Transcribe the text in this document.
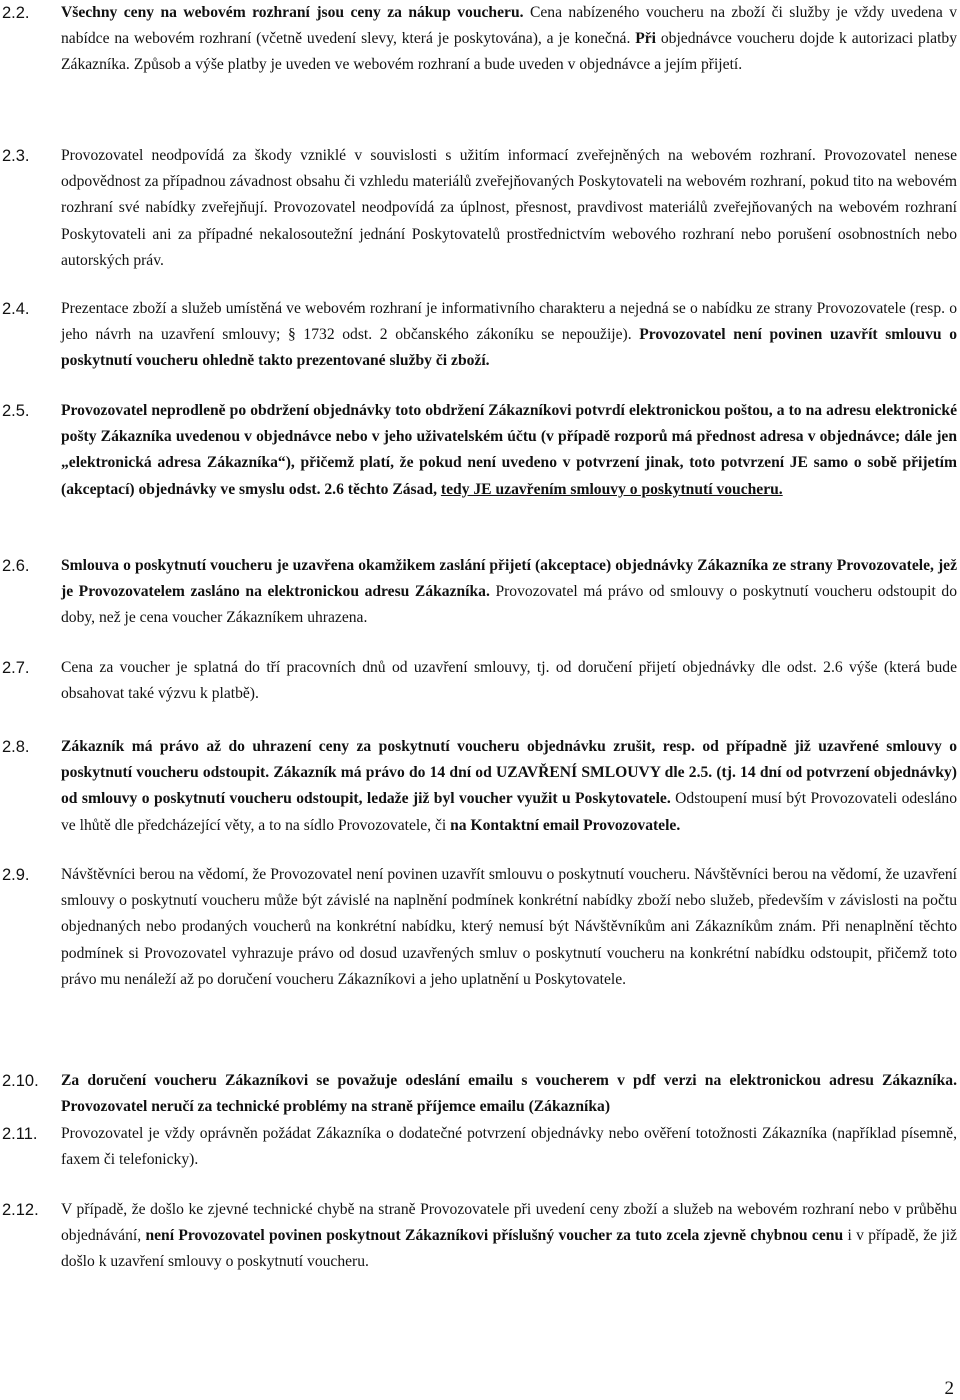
2.2. Všechny ceny na webovém rozhraní jsou ceny za nákup voucheru. Cena nabízeného voucheru na zboží či služby je vždy uvedena v nabídce na webovém rozhraní (včetně uvedení slevy, která je poskytována), a je konečná. Při objednávce voucheru dojde k autorizaci platby Zákazníka. Způsob a výše platby je uveden ve webovém rozhraní a bude uveden v objednávce a jejím přijetí.
2.3. Provozovatel neodpovídá za škody vzniklé v souvislosti s užitím informací zveřejněných na webovém rozhraní. Provozovatel nenese odpovědnost za případnou závadnost obsahu či vzhledu materiálů zveřejňovaných Poskytovateli na webovém rozhraní, pokud tito na webovém rozhraní své nabídky zveřejňují. Provozovatel neodpovídá za úplnost, přesnost, pravdivost materiálů zveřejňovaných na webovém rozhraní Poskytovateli ani za případné nekalosoutežní jednání Poskytovatelů prostřednictvím webového rozhraní nebo porušení osobnostních nebo autorských práv.
2.4. Prezentace zboží a služeb umístěná ve webovém rozhraní je informativního charakteru a nejedná se o nabídku ze strany Provozovatele (resp. o jeho návrh na uzavření smlouvy; § 1732 odst. 2 občanského zákoníku se nepoužije). Provozovatel není povinen uzavřít smlouvu o poskytnutí voucheru ohledně takto prezentované služby či zboží.
2.5. Provozovatel neprodleně po obdržení objednávky toto obdržení Zákazníkovi potvrdí elektronickou poštou, a to na adresu elektronické pošty Zákazníka uvedenou v objednávce nebo v jeho uživatelském účtu (v případě rozporů má přednost adresa v objednávce; dále jen „elektronická adresa Zákazníka“), přičemž platí, že pokud není uvedeno v potvrzení jinak, toto potvrzení JE samo o sobě přijetím (akceptací) objednávky ve smyslu odst. 2.6 těchto Zásad, tedy JE uzavřením smlouvy o poskytnutí voucheru.
2.6. Smlouva o poskytnutí voucheru je uzavřena okamžikem zaslání přijetí (akceptace) objednávky Zákazníka ze strany Provozovatele, jež je Provozovatelem zasláno na elektronickou adresu Zákazníka. Provozovatel má právo od smlouvy o poskytnutí voucheru odstoupit do doby, než je cena voucher Zákazníkem uhrazena.
2.7. Cena za voucher je splatná do tří pracovních dnů od uzavření smlouvy, tj. od doručení přijetí objednávky dle odst. 2.6 výše (která bude obsahovat také výzvu k platbě).
2.8. Zákazník má právo až do uhrazení ceny za poskytnutí voucheru objednávku zrušit, resp. od případně již uzavřené smlouvy o poskytnutí voucheru odstoupit. Zákazník má právo do 14 dní od UZAVŘENÍ SMLOUVY dle 2.5. (tj. 14 dní od potvrzení objednávky) od smlouvy o poskytnutí voucheru odstoupit, ledaže již byl voucher využit u Poskytovatele. Odstoupení musí být Provozovateli odesláno ve lhůtě dle předcházející věty, a to na sídlo Provozovatele, či na Kontaktní email Provozovatele.
2.9. Návštěvníci berou na vědomí, že Provozovatel není povinen uzavřít smlouvu o poskytnutí voucheru. Návštěvníci berou na vědomí, že uzavření smlouvy o poskytnutí voucheru může být závislé na naplnění podmínek konkrétní nabídky zboží nebo služeb, především v závislosti na počtu objednaných nebo prodaných voucherů na konkrétní nabídku, který nemusí být Návštěvníkům ani Zákazníkům znám. Při nenaplnění těchto podmínek si Provozovatel vyhrazuje právo od dosud uzavřených smluv o poskytnutí voucheru na konkrétní nabídku odstoupit, přičemž toto právo mu nenáleží až po doručení voucheru Zákazníkovi a jeho uplatnění u Poskytovatele.
2.10. Za doručení voucheru Zákazníkovi se považuje odeslání emailu s voucherem v pdf verzi na elektronickou adresu Zákazníka. Provozovatel neručí za technické problémy na straně příjemce emailu (Zákazníka)
2.11. Provozovatel je vždy oprávněn požádat Zákazníka o dodatečné potvrzení objednávky nebo ověření totožnosti Zákazníka (například písemně, faxem či telefonicky).
2.12. V případě, že došlo ke zjevné technické chybě na straně Provozovatele při uvedení ceny zboží a služeb na webovém rozhraní nebo v průběhu objednávání, není Provozovatel povinen poskytnout Zákazníkovi příslušný voucher za tuto zcela zjevně chybnou cenu i v případě, že již došlo k uzavření smlouvy o poskytnutí voucheru.
2
